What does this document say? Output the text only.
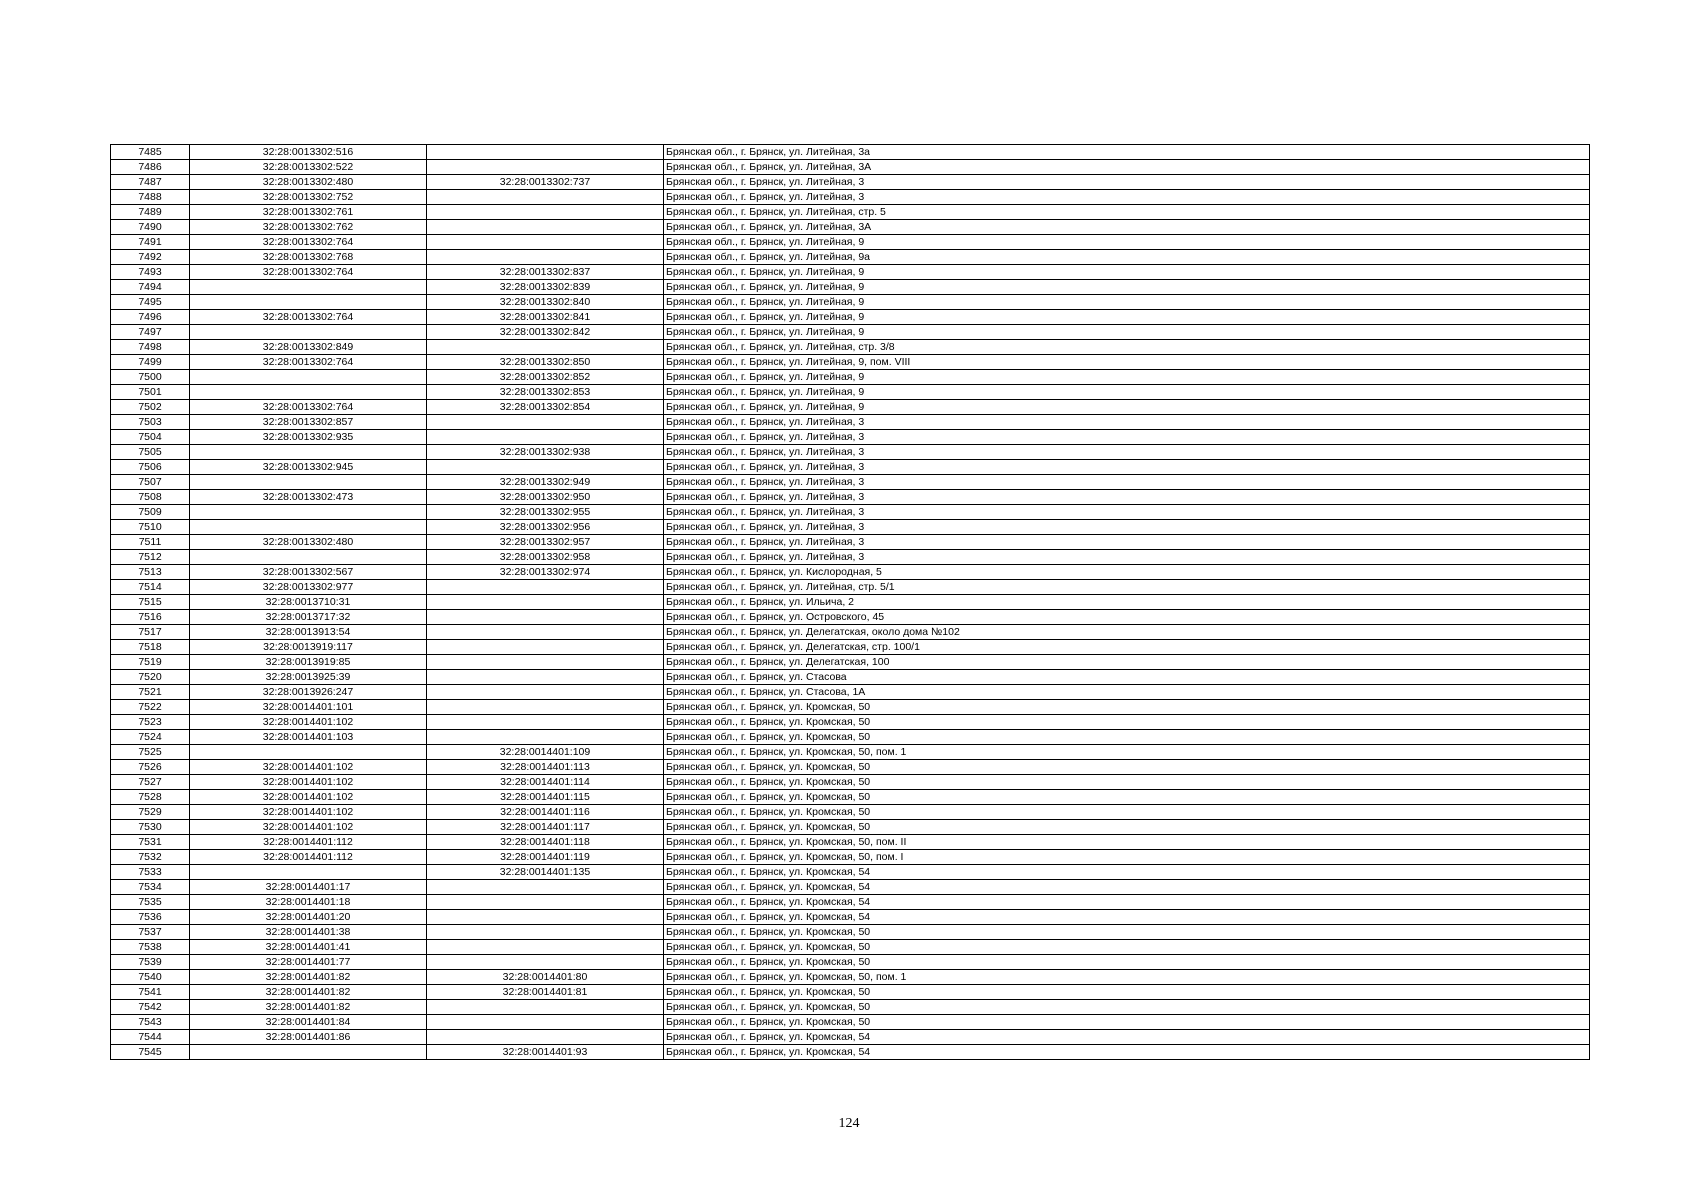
7485	32:28:0013302:516		Брянская обл., г. Брянск, ул. Литейная, 3а
7486	32:28:0013302:522		Брянская обл., г. Брянск, ул. Литейная, 3А
7487	32:28:0013302:480	32:28:0013302:737	Брянская обл., г. Брянск, ул. Литейная, 3
7488	32:28:0013302:752		Брянская обл., г. Брянск, ул. Литейная, 3
7489	32:28:0013302:761		Брянская обл., г. Брянск, ул. Литейная, стр. 5
7490	32:28:0013302:762		Брянская обл., г. Брянск, ул. Литейная, 3А
7491	32:28:0013302:764		Брянская обл., г. Брянск, ул. Литейная, 9
7492	32:28:0013302:768		Брянская обл., г. Брянск, ул. Литейная, 9а
7493	32:28:0013302:764	32:28:0013302:837	Брянская обл., г. Брянск, ул. Литейная, 9
7494		32:28:0013302:839	Брянская обл., г. Брянск, ул. Литейная, 9
7495		32:28:0013302:840	Брянская обл., г. Брянск, ул. Литейная, 9
7496	32:28:0013302:764	32:28:0013302:841	Брянская обл., г. Брянск, ул. Литейная, 9
7497		32:28:0013302:842	Брянская обл., г. Брянск, ул. Литейная, 9
7498	32:28:0013302:849		Брянская обл., г. Брянск, ул. Литейная, стр. 3/8
7499	32:28:0013302:764	32:28:0013302:850	Брянская обл., г. Брянск, ул. Литейная, 9, пом. VIII
7500		32:28:0013302:852	Брянская обл., г. Брянск, ул. Литейная, 9
7501		32:28:0013302:853	Брянская обл., г. Брянск, ул. Литейная, 9
7502	32:28:0013302:764	32:28:0013302:854	Брянская обл., г. Брянск, ул. Литейная, 9
7503	32:28:0013302:857		Брянская обл., г. Брянск, ул. Литейная, 3
7504	32:28:0013302:935		Брянская обл., г. Брянск, ул. Литейная, 3
7505		32:28:0013302:938	Брянская обл., г. Брянск, ул. Литейная, 3
7506	32:28:0013302:945		Брянская обл., г. Брянск, ул. Литейная, 3
7507		32:28:0013302:949	Брянская обл., г. Брянск, ул. Литейная, 3
7508	32:28:0013302:473	32:28:0013302:950	Брянская обл., г. Брянск, ул. Литейная, 3
7509		32:28:0013302:955	Брянская обл., г. Брянск, ул. Литейная, 3
7510		32:28:0013302:956	Брянская обл., г. Брянск, ул. Литейная, 3
7511	32:28:0013302:480	32:28:0013302:957	Брянская обл., г. Брянск, ул. Литейная, 3
7512		32:28:0013302:958	Брянская обл., г. Брянск, ул. Литейная, 3
7513	32:28:0013302:567	32:28:0013302:974	Брянская обл., г. Брянск, ул. Кислородная, 5
7514	32:28:0013302:977		Брянская обл., г. Брянск, ул. Литейная, стр. 5/1
7515	32:28:0013710:31		Брянская обл., г. Брянск, ул. Ильича, 2
7516	32:28:0013717:32		Брянская обл., г. Брянск, ул. Островского, 45
7517	32:28:0013913:54		Брянская обл., г. Брянск, ул. Делегатская, около дома №102
7518	32:28:0013919:117		Брянская обл., г. Брянск, ул. Делегатская, стр. 100/1
7519	32:28:0013919:85		Брянская обл., г. Брянск, ул. Делегатская, 100
7520	32:28:0013925:39		Брянская обл., г. Брянск, ул. Стасова
7521	32:28:0013926:247		Брянская обл., г. Брянск, ул. Стасова, 1А
7522	32:28:0014401:101		Брянская обл., г. Брянск, ул. Кромская, 50
7523	32:28:0014401:102		Брянская обл., г. Брянск, ул. Кромская, 50
7524	32:28:0014401:103		Брянская обл., г. Брянск, ул. Кромская, 50
7525		32:28:0014401:109	Брянская обл., г. Брянск, ул. Кромская, 50, пом. 1
7526	32:28:0014401:102	32:28:0014401:113	Брянская обл., г. Брянск, ул. Кромская, 50
7527	32:28:0014401:102	32:28:0014401:114	Брянская обл., г. Брянск, ул. Кромская, 50
7528	32:28:0014401:102	32:28:0014401:115	Брянская обл., г. Брянск, ул. Кромская, 50
7529	32:28:0014401:102	32:28:0014401:116	Брянская обл., г. Брянск, ул. Кромская, 50
7530	32:28:0014401:102	32:28:0014401:117	Брянская обл., г. Брянск, ул. Кромская, 50
7531	32:28:0014401:112	32:28:0014401:118	Брянская обл., г. Брянск, ул. Кромская, 50, пом. II
7532	32:28:0014401:112	32:28:0014401:119	Брянская обл., г. Брянск, ул. Кромская, 50, пом. I
7533		32:28:0014401:135	Брянская обл., г. Брянск, ул. Кромская, 54
7534	32:28:0014401:17		Брянская обл., г. Брянск, ул. Кромская, 54
7535	32:28:0014401:18		Брянская обл., г. Брянск, ул. Кромская, 54
7536	32:28:0014401:20		Брянская обл., г. Брянск, ул. Кромская, 54
7537	32:28:0014401:38		Брянская обл., г. Брянск, ул. Кромская, 50
7538	32:28:0014401:41		Брянская обл., г. Брянск, ул. Кромская, 50
7539	32:28:0014401:77		Брянская обл., г. Брянск, ул. Кромская, 50
7540	32:28:0014401:82	32:28:0014401:80	Брянская обл., г. Брянск, ул. Кромская, 50, пом. 1
7541	32:28:0014401:82	32:28:0014401:81	Брянская обл., г. Брянск, ул. Кромская, 50
7542	32:28:0014401:82		Брянская обл., г. Брянск, ул. Кромская, 50
7543	32:28:0014401:84		Брянская обл., г. Брянск, ул. Кромская, 50
7544	32:28:0014401:86		Брянская обл., г. Брянск, ул. Кромская, 54
7545		32:28:0014401:93	Брянская обл., г. Брянск, ул. Кромская, 54
124
